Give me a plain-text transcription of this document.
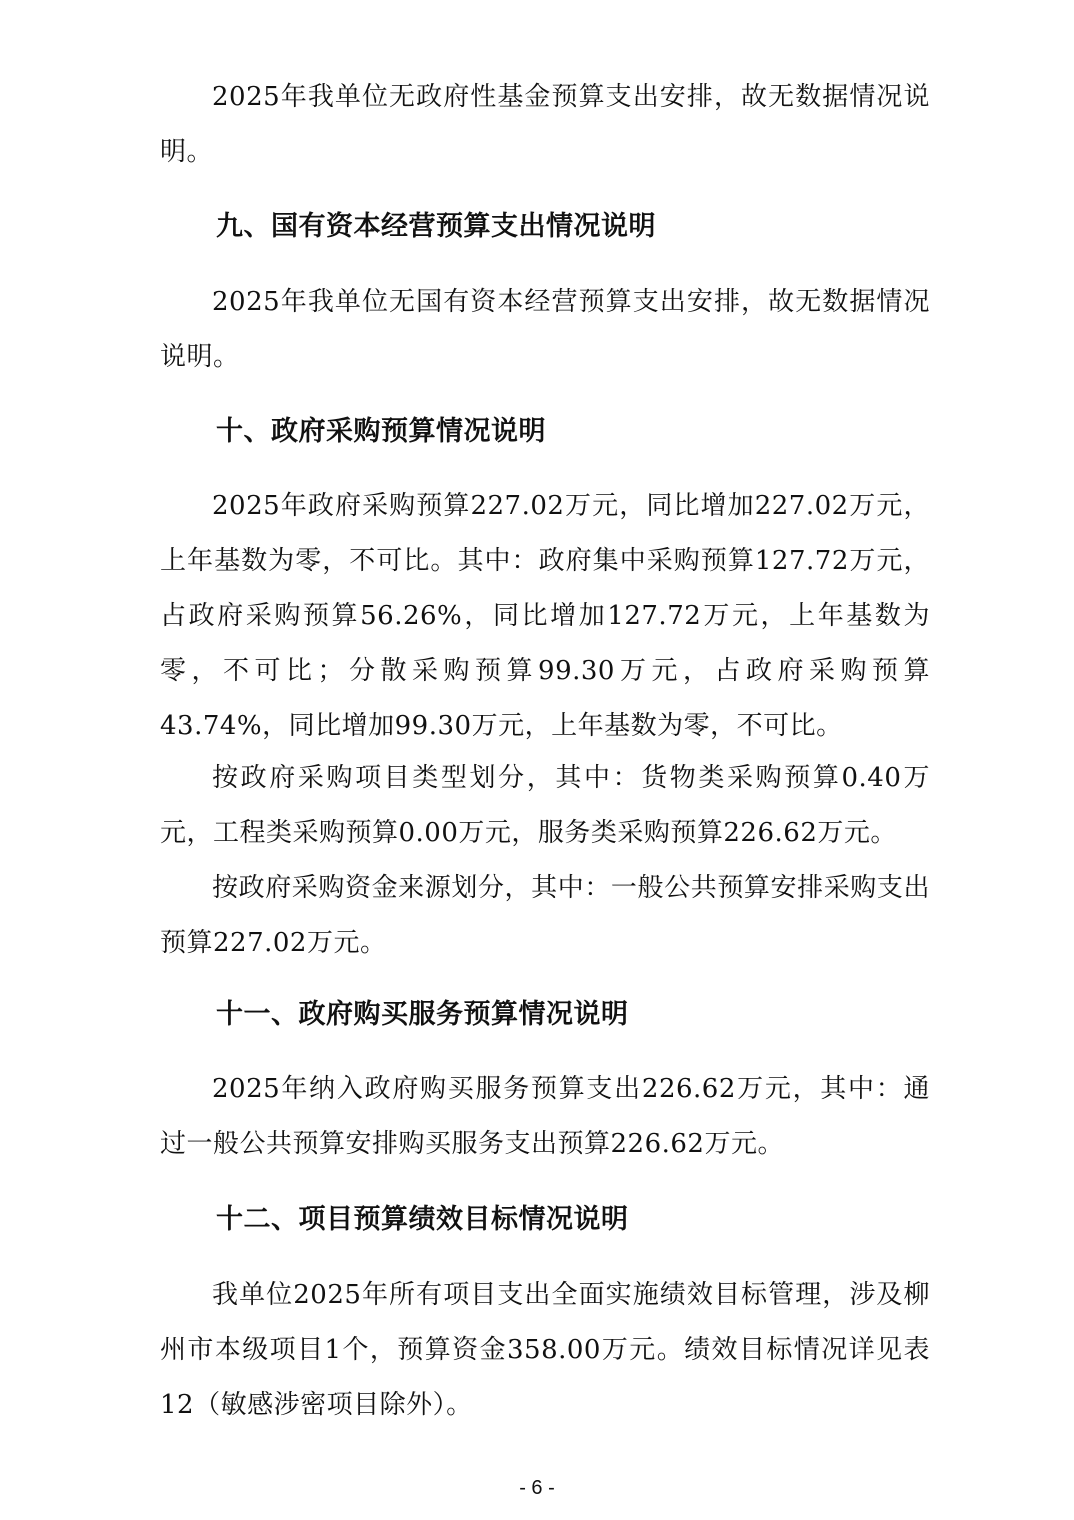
2025年我单位无政府性基金预算支出安排，故无数据情况说明。

九、国有资本经营预算支出情况说明

2025年我单位无国有资本经营预算支出安排，故无数据情况说明。

十、政府采购预算情况说明

2025年政府采购预算227.02万元，同比增加227.02万元，上年基数为零，不可比。其中：政府集中采购预算127.72万元，占政府采购预算56.26%，同比增加127.72万元，上年基数为零，不可比；分散采购预算99.30万元，占政府采购预算43.74%，同比增加99.30万元，上年基数为零，不可比。

按政府采购项目类型划分，其中：货物类采购预算0.40万元，工程类采购预算0.00万元，服务类采购预算226.62万元。

按政府采购资金来源划分，其中：一般公共预算安排采购支出预算227.02万元。

十一、政府购买服务预算情况说明

2025年纳入政府购买服务预算支出226.62万元，其中：通过一般公共预算安排购买服务支出预算226.62万元。

十二、项目预算绩效目标情况说明

我单位2025年所有项目支出全面实施绩效目标管理，涉及柳州市本级项目1个，预算资金358.00万元。绩效目标情况详见表12（敏感涉密项目除外）。

- 6 -
